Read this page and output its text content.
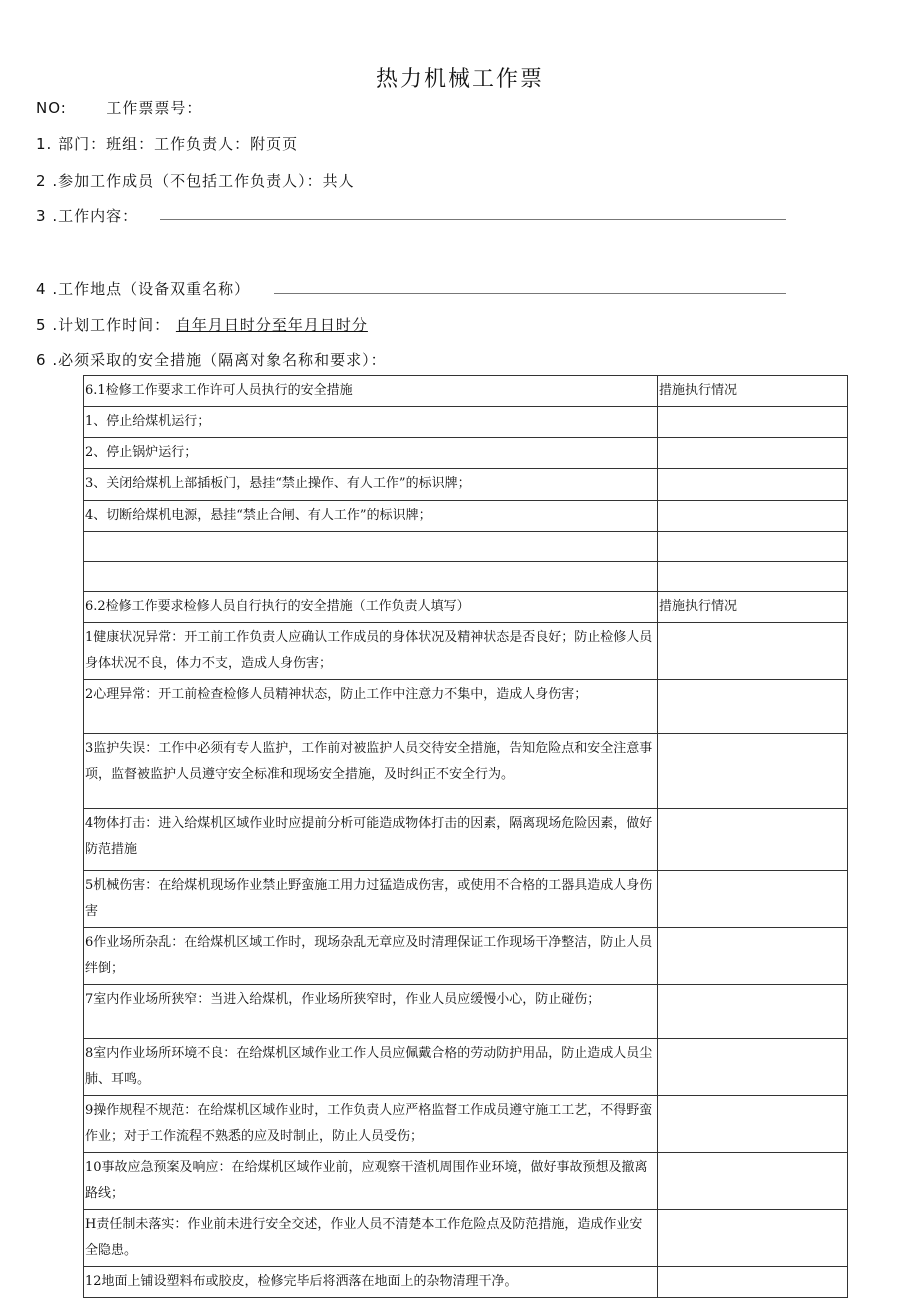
热力机械工作票
NO:	工作票票号：
1. 部门：班组：工作负责人：附页页
2 .参加工作成员（不包括工作负责人）：共人
3 .工作内容：
4 .工作地点（设备双重名称）
5 .计划工作时间： 自年月日时分至年月日时分
6 .必须采取的安全措施（隔离对象名称和要求）：
6.1检修工作要求工作许可人员执行的安全措施	措施执行情况
1、停止给煤机运行；	
2、停止锅炉运行；	
3、关闭给煤机上部插板门，悬挂“禁止操作、有人工作”的标识牌；	
4、切断给煤机电源，悬挂“禁止合闸、有人工作”的标识牌；	

6.2检修工作要求检修人员自行执行的安全措施（工作负责人填写）	措施执行情况
1健康状况异常：开工前工作负责人应确认工作成员的身体状况及精神状态是否良好；防止检修人员身体状况不良，体力不支，造成人身伤害；	
2心理异常：开工前检查检修人员精神状态，防止工作中注意力不集中，造成人身伤害；	
3监护失误：工作中必须有专人监护，工作前对被监护人员交待安全措施，告知危险点和安全注意事项，监督被监护人员遵守安全标准和现场安全措施，及时纠正不安全行为。	
4物体打击：进入给煤机区域作业时应提前分析可能造成物体打击的因素，隔离现场危险因素，做好防范措施	
5机械伤害：在给煤机现场作业禁止野蛮施工用力过猛造成伤害，或使用不合格的工器具造成人身伤害	
6作业场所杂乱：在给煤机区域工作时，现场杂乱无章应及时清理保证工作现场干净整洁，防止人员绊倒；	
7室内作业场所狭窄：当进入给煤机，作业场所狭窄时，作业人员应缓慢小心，防止碰伤；	
8室内作业场所环境不良：在给煤机区域作业工作人员应佩戴合格的劳动防护用品，防止造成人员尘肺、耳鸣。	
9操作规程不规范：在给煤机区域作业时，工作负责人应严格监督工作成员遵守施工工艺，不得野蛮作业；对于工作流程不熟悉的应及时制止，防止人员受伤；	
10事故应急预案及响应：在给煤机区域作业前，应观察干渣机周围作业环境，做好事故预想及撤离路线；	
H责任制未落实：作业前未进行安全交述，作业人员不清楚本工作危险点及防范措施，造成作业安全隐患。	
12地面上铺设塑料布或胶皮，检修完毕后将洒落在地面上的杂物清理干净。	
